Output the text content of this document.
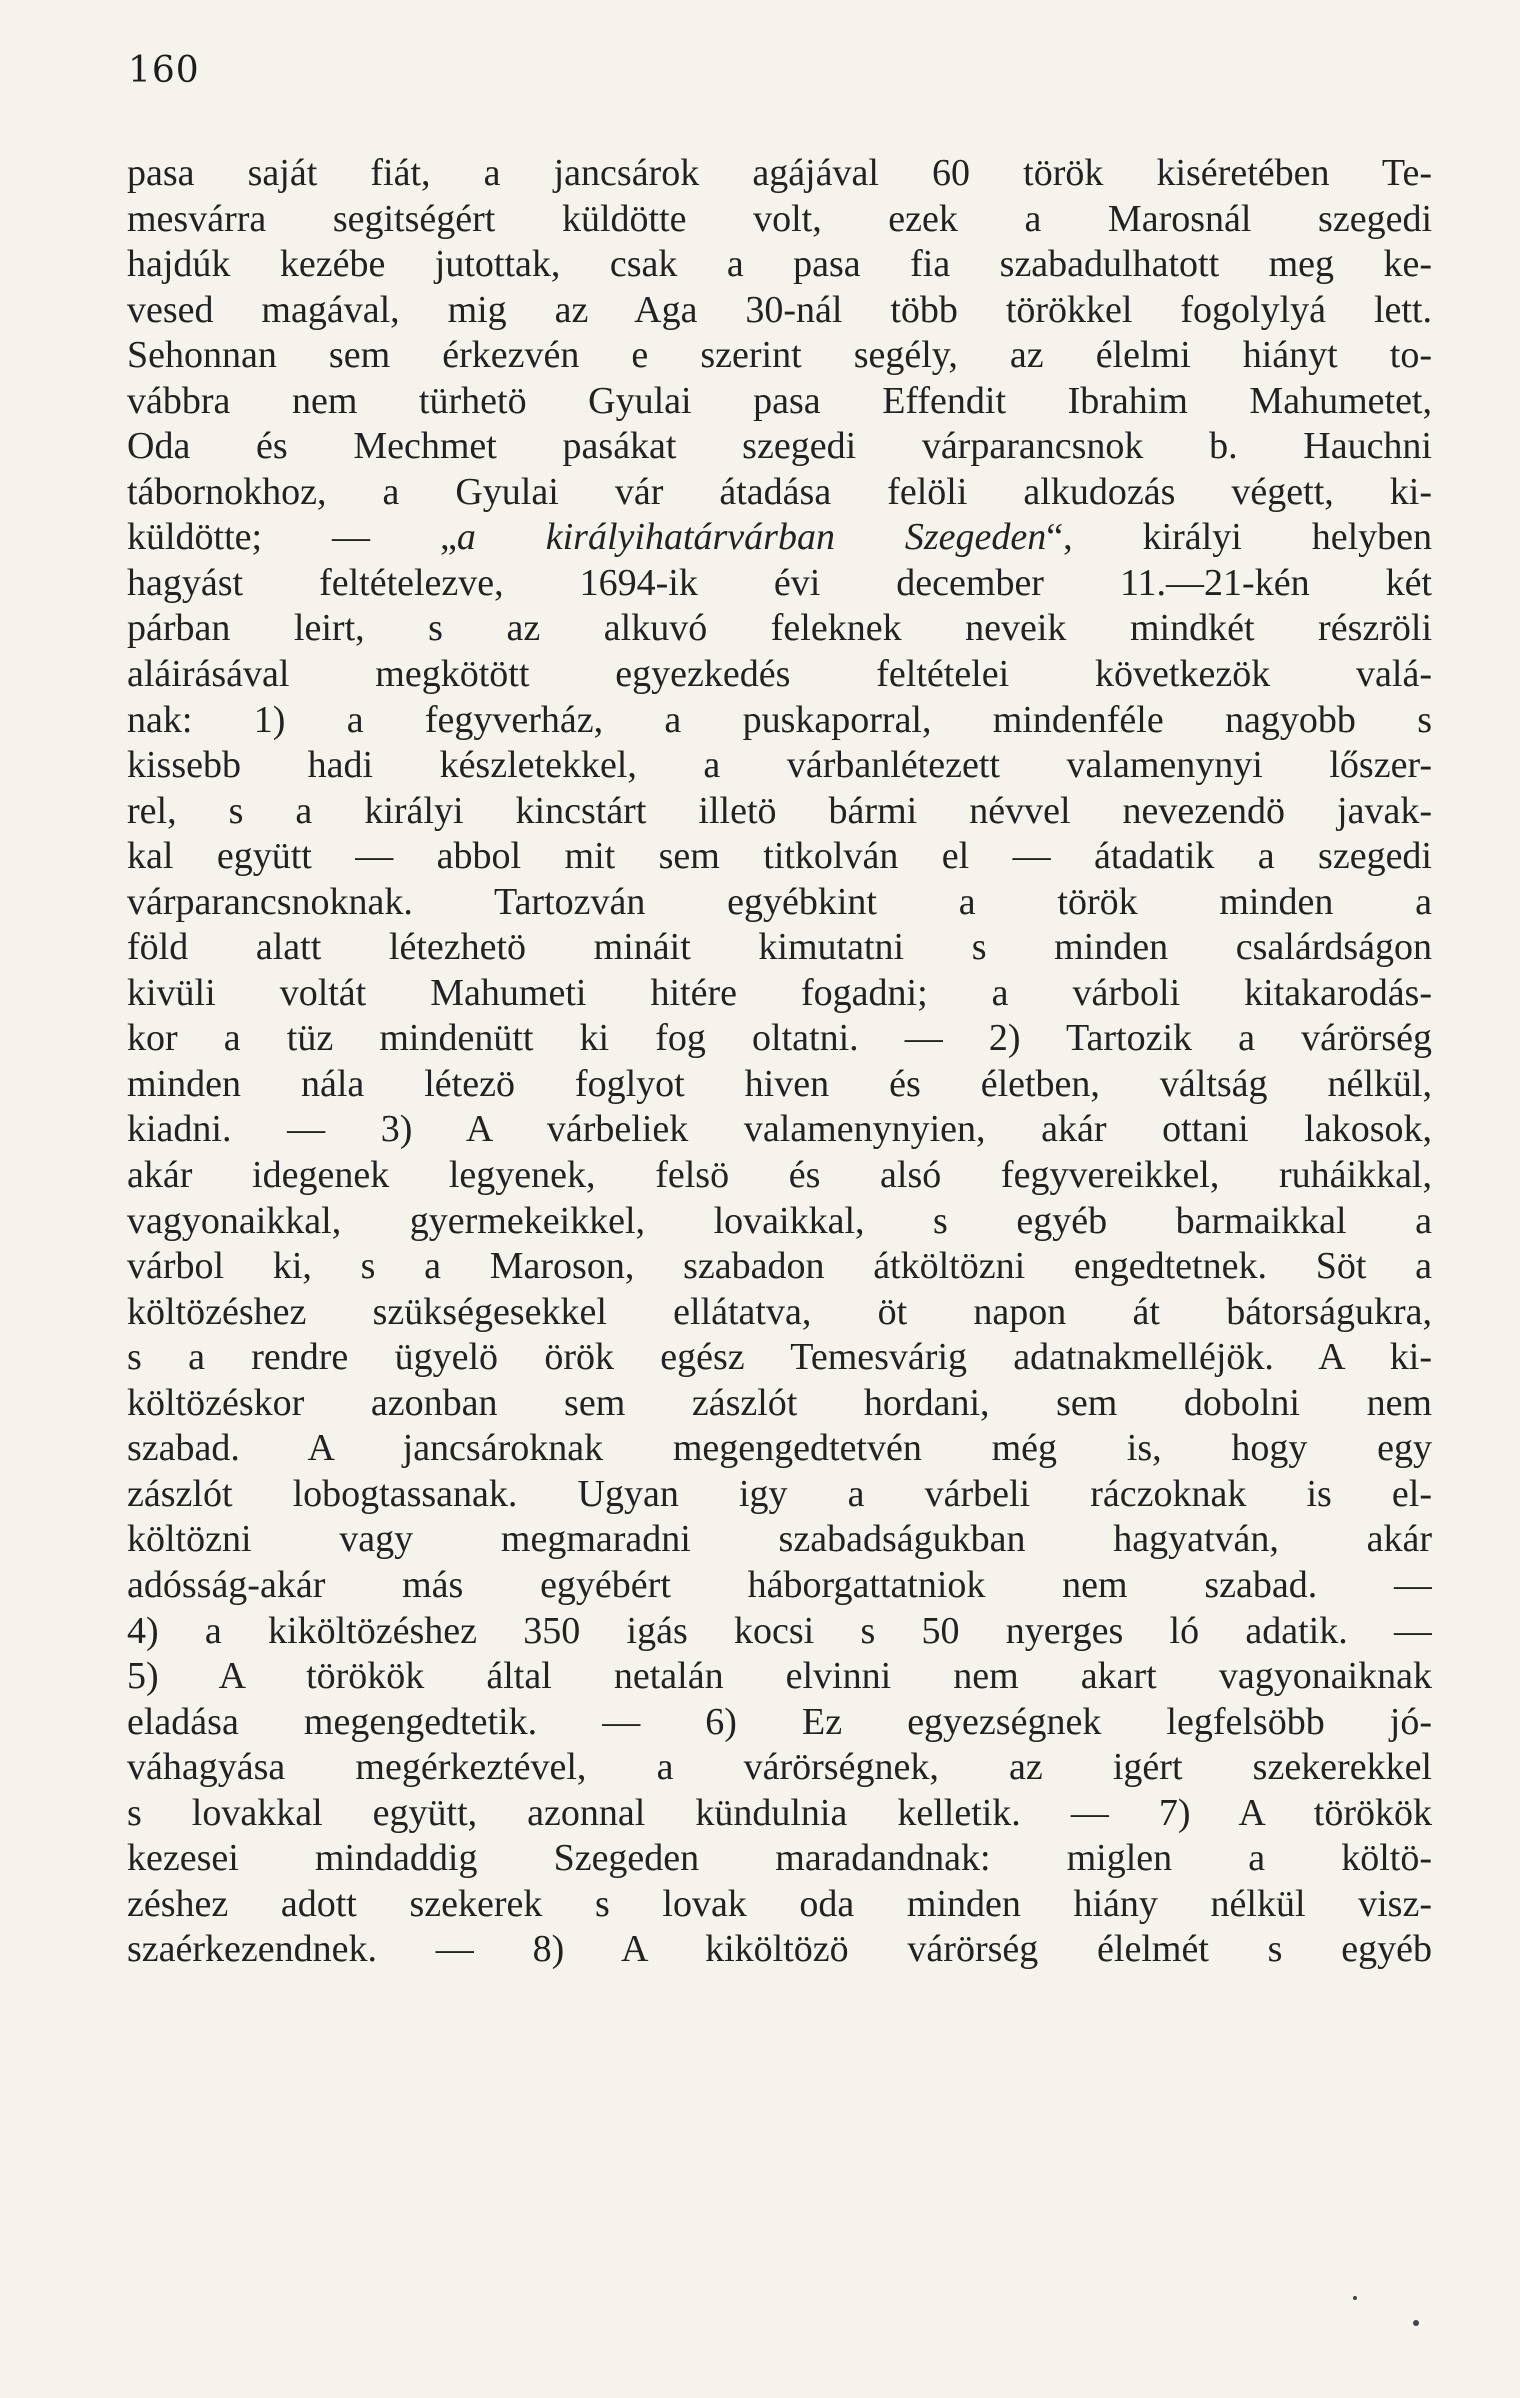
160
pasa saját fiát, a jancsárok agájával 60 török kiséretében Te-
mesvárra segitségért küldötte volt, ezek a Marosnál szegedi
hajdúk kezébe jutottak, csak a pasa fia szabadulhatott meg ke-
vesed magával, mig az Aga 30-nál több törökkel fogolylyá lett.
Sehonnan sem érkezvén e szerint segély, az élelmi hiányt to-
vábbra nem türhetö Gyulai pasa Effendit Ibrahim Mahumetet,
Oda és Mechmet pasákat szegedi várparancsnok b. Hauchni
tábornokhoz, a Gyulai vár átadása felöli alkudozás végett, ki-
küldötte; — „a királyihatárvárban Szegeden“, királyi helyben
hagyást feltételezve, 1694-ik évi december 11.—21-kén két
párban leirt, s az alkuvó feleknek neveik mindkét részröli
aláirásával megkötött egyezkedés feltételei következök valá-
nak: 1) a fegyverház, a puskaporral, mindenféle nagyobb s
kissebb hadi készletekkel, a várbanlétezett valamenynyi lőszer-
rel, s a királyi kincstárt illetö bármi névvel nevezendö javak-
kal együtt — abbol mit sem titkolván el — átadatik a szegedi
várparancsnoknak. Tartozván egyébkint a török minden a
föld alatt létezhetö mináit kimutatni s minden csalárdságon
kivüli voltát Mahumeti hitére fogadni; a várboli kitakarodás-
kor a tüz mindenütt ki fog oltatni. — 2) Tartozik a várörség
minden nála létezö foglyot hiven és életben, váltság nélkül,
kiadni. — 3) A várbeliek valamenynyien, akár ottani lakosok,
akár idegenek legyenek, felsö és alsó fegyvereikkel, ruháikkal,
vagyonaikkal, gyermekeikkel, lovaikkal, s egyéb barmaikkal a
várbol ki, s a Maroson, szabadon átköltözni engedtetnek. Söt a
költözéshez szükségesekkel ellátatva, öt napon át bátorságukra,
s a rendre ügyelö örök egész Temesvárig adatnakmelléjök. A ki-
költözéskor azonban sem zászlót hordani, sem dobolni nem
szabad. A jancsároknak megengedtetvén még is, hogy egy
zászlót lobogtassanak. Ugyan igy a várbeli ráczoknak is el-
költözni vagy megmaradni szabadságukban hagyatván, akár
adósság-akár más egyébért háborgattatniok nem szabad. —
4) a kiköltözéshez 350 igás kocsi s 50 nyerges ló adatik. —
5) A törökök által netalán elvinni nem akart vagyonaiknak
eladása megengedtetik. — 6) Ez egyezségnek legfelsöbb jó-
váhagyása megérkeztével, a várörségnek, az igért szekerekkel
s lovakkal együtt, azonnal kündulnia kelletik. — 7) A törökök
kezesei mindaddig Szegeden maradandnak: miglen a költö-
zéshez adott szekerek s lovak oda minden hiány nélkül visz-
szaérkezendnek. — 8) A kiköltözö várörség élelmét s egyéb
